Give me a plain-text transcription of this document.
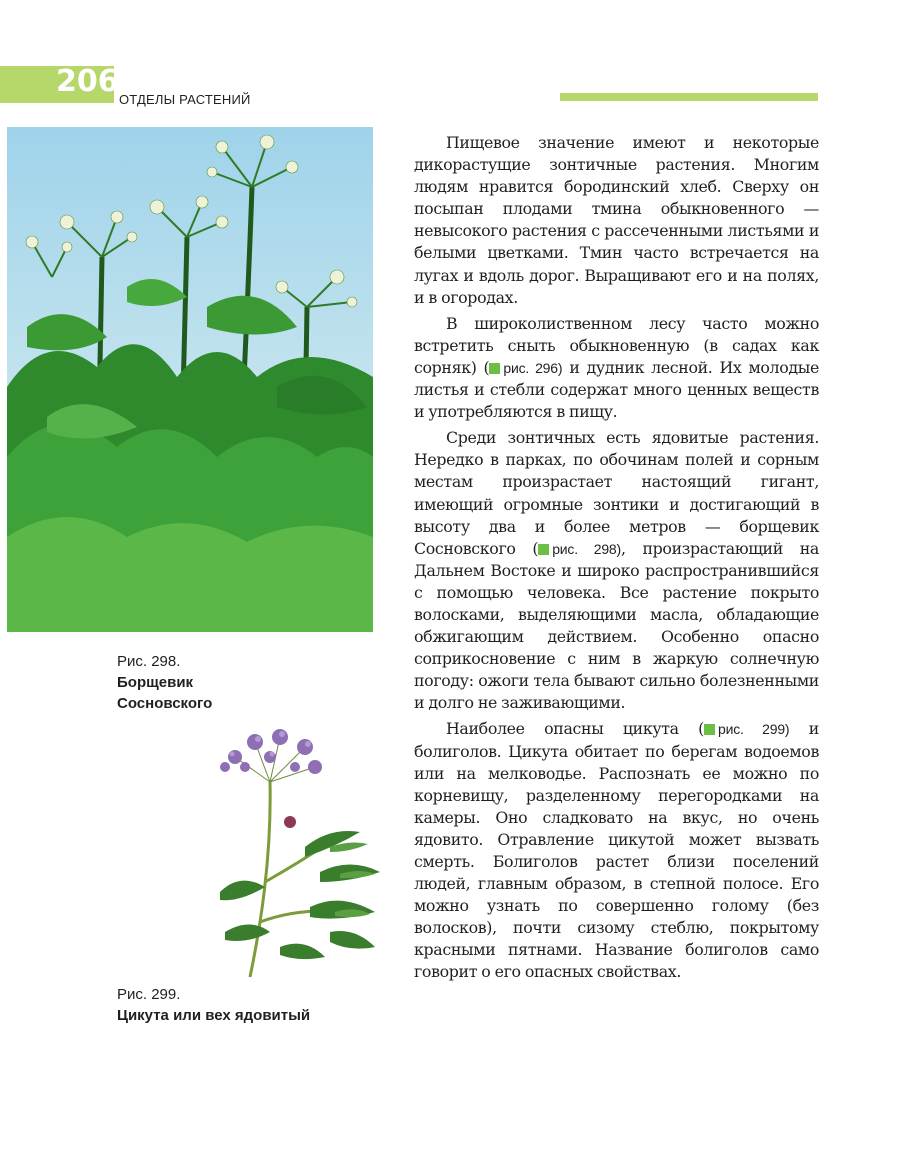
206
ОТДЕЛЫ РАСТЕНИЙ
Рис. 298.
Борщевик
Сосновского
Рис. 299.
Цикута или вех ядовитый

Пищевое значение имеют и некоторые дикорастущие зонтичные растения. Многим людям нравится бородинский хлеб. Сверху он посыпан плодами тмина обыкновенного — невысокого растения с рассеченными листьями и белыми цветками. Тмин часто встречается на лугах и вдоль дорог. Выращивают его и на полях, и в огородах.

В широколиственном лесу часто можно встретить сныть обыкновенную (в садах как сорняк) ( рис. 296) и дудник лесной. Их молодые листья и стебли содержат много ценных веществ и употребляются в пищу.

Среди зонтичных есть ядовитые растения. Нередко в парках, по обочинам полей и сорным местам произрастает настоящий гигант, имеющий огромные зонтики и достигающий в высоту два и более метров — борщевик Сосновского ( рис. 298), произрастающий на Дальнем Востоке и широко распространившийся с помощью человека. Все растение покрыто волосками, выделяющими масла, обладающие обжигающим действием. Особенно опасно соприкосновение с ним в жаркую солнечную погоду: ожоги тела бывают сильно болезненными и долго не заживающими.

Наиболее опасны цикута ( рис. 299) и болиголов. Цикута обитает по берегам водоемов или на мелководье. Распознать ее можно по корневищу, разделенному перегородками на камеры. Оно сладковато на вкус, но очень ядовито. Отравление цикутой может вызвать смерть. Болиголов растет близи поселений людей, главным образом, в степной полосе. Его можно узнать по совершенно голому (без волосков), почти сизому стеблю, покрытому красными пятнами. Название болиголов само говорит о его опасных свойствах.
